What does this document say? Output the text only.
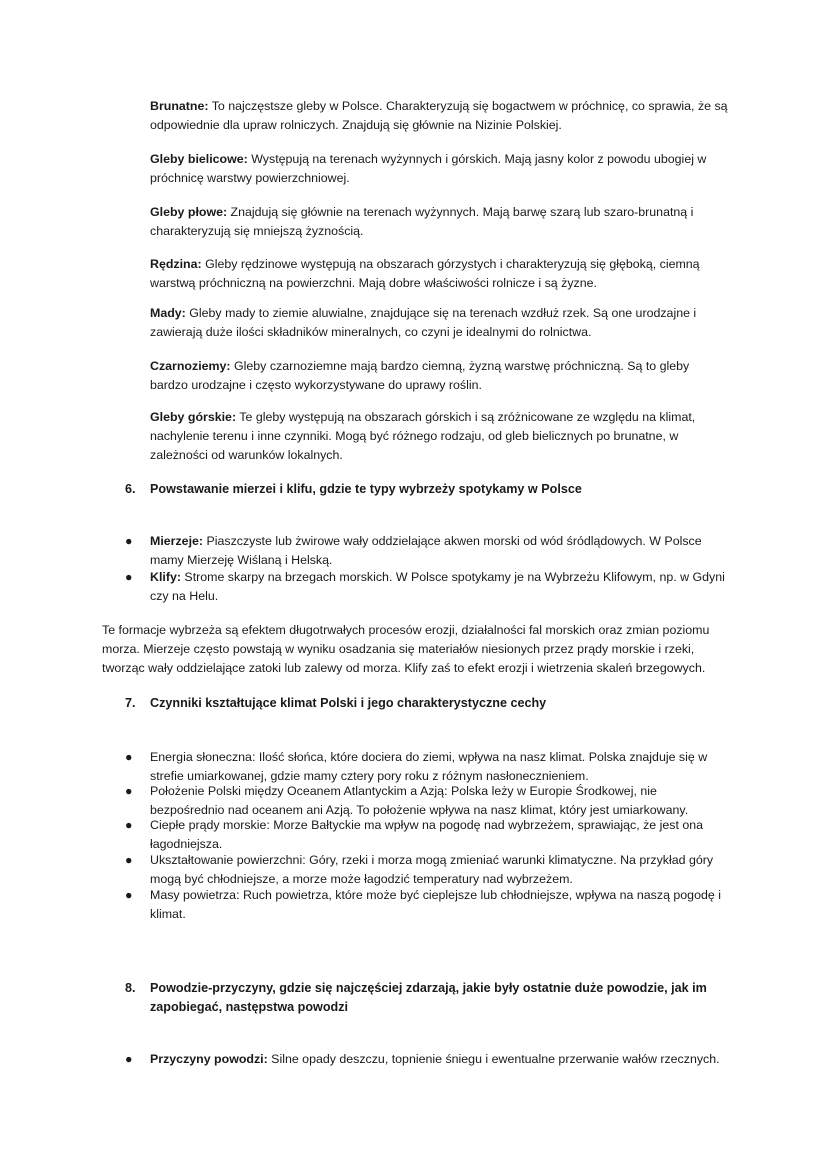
Brunatne: To najczęstsze gleby w Polsce. Charakteryzują się bogactwem w próchnicę, co sprawia, że są odpowiednie dla upraw rolniczych. Znajdują się głównie na Nizinie Polskiej.

Gleby bielicowe: Występują na terenach wyżynnych i górskich. Mają jasny kolor z powodu ubogiej w próchnicę warstwy powierzchniowej.

Gleby płowe: Znajdują się głównie na terenach wyżynnych. Mają barwę szarą lub szaro-brunatną i charakteryzują się mniejszą żyznością.

Rędzina: Gleby rędzinowe występują na obszarach górzystych i charakteryzują się głęboką, ciemną warstwą próchniczną na powierzchni. Mają dobre właściwości rolnicze i są żyzne.

Mady: Gleby mady to ziemie aluwialne, znajdujące się na terenach wzdłuż rzek. Są one urodzajne i zawierają duże ilości składników mineralnych, co czyni je idealnymi do rolnictwa.

Czarnoziemy: Gleby czarnoziemne mają bardzo ciemną, żyzną warstwę próchniczną. Są to gleby bardzo urodzajne i często wykorzystywane do uprawy roślin.

Gleby górskie: Te gleby występują na obszarach górskich i są zróżnicowane ze względu na klimat, nachylenie terenu i inne czynniki. Mogą być różnego rodzaju, od gleb bielicznych po brunatne, w zależności od warunków lokalnych.

6. Powstawanie mierzei i klifu, gdzie te typy wybrzeży spotykamy w Polsce

●	Mierzeje: Piaszczyste lub żwirowe wały oddzielające akwen morski od wód śródlądowych. W Polsce mamy Mierzeję Wiślaną i Helską.
●	Klify: Strome skarpy na brzegach morskich. W Polsce spotykamy je na Wybrzeżu Klifowym, np. w Gdyni czy na Helu.

Te formacje wybrzeża są efektem długotrwałych procesów erozji, działalności fal morskich oraz zmian poziomu morza. Mierzeje często powstają w wyniku osadzania się materiałów niesionych przez prądy morskie i rzeki, tworząc wały oddzielające zatoki lub zalewy od morza. Klify zaś to efekt erozji i wietrzenia skaleń brzegowych.

7. Czynniki kształtujące klimat Polski i jego charakterystyczne cechy

●	Energia słoneczna: Ilość słońca, które dociera do ziemi, wpływa na nasz klimat. Polska znajduje się w strefie umiarkowanej, gdzie mamy cztery pory roku z różnym nasłonecznieniem.
●	Położenie Polski między Oceanem Atlantyckim a Azją: Polska leży w Europie Środkowej, nie bezpośrednio nad oceanem ani Azją. To położenie wpływa na nasz klimat, który jest umiarkowany.
●	Ciepłe prądy morskie: Morze Bałtyckie ma wpływ na pogodę nad wybrzeżem, sprawiając, że jest ona łagodniejsza.
●	Ukształtowanie powierzchni: Góry, rzeki i morza mogą zmieniać warunki klimatyczne. Na przykład góry mogą być chłodniejsze, a morze może łagodzić temperatury nad wybrzeżem.
●	Masy powietrza: Ruch powietrza, które może być cieplejsze lub chłodniejsze, wpływa na naszą pogodę i klimat.

8. Powodzie-przyczyny, gdzie się najczęściej zdarzają, jakie były ostatnie duże powodzie, jak im zapobiegać, następstwa powodzi

●	Przyczyny powodzi: Silne opady deszczu, topnienie śniegu i ewentualne przerwanie wałów rzecznych.
